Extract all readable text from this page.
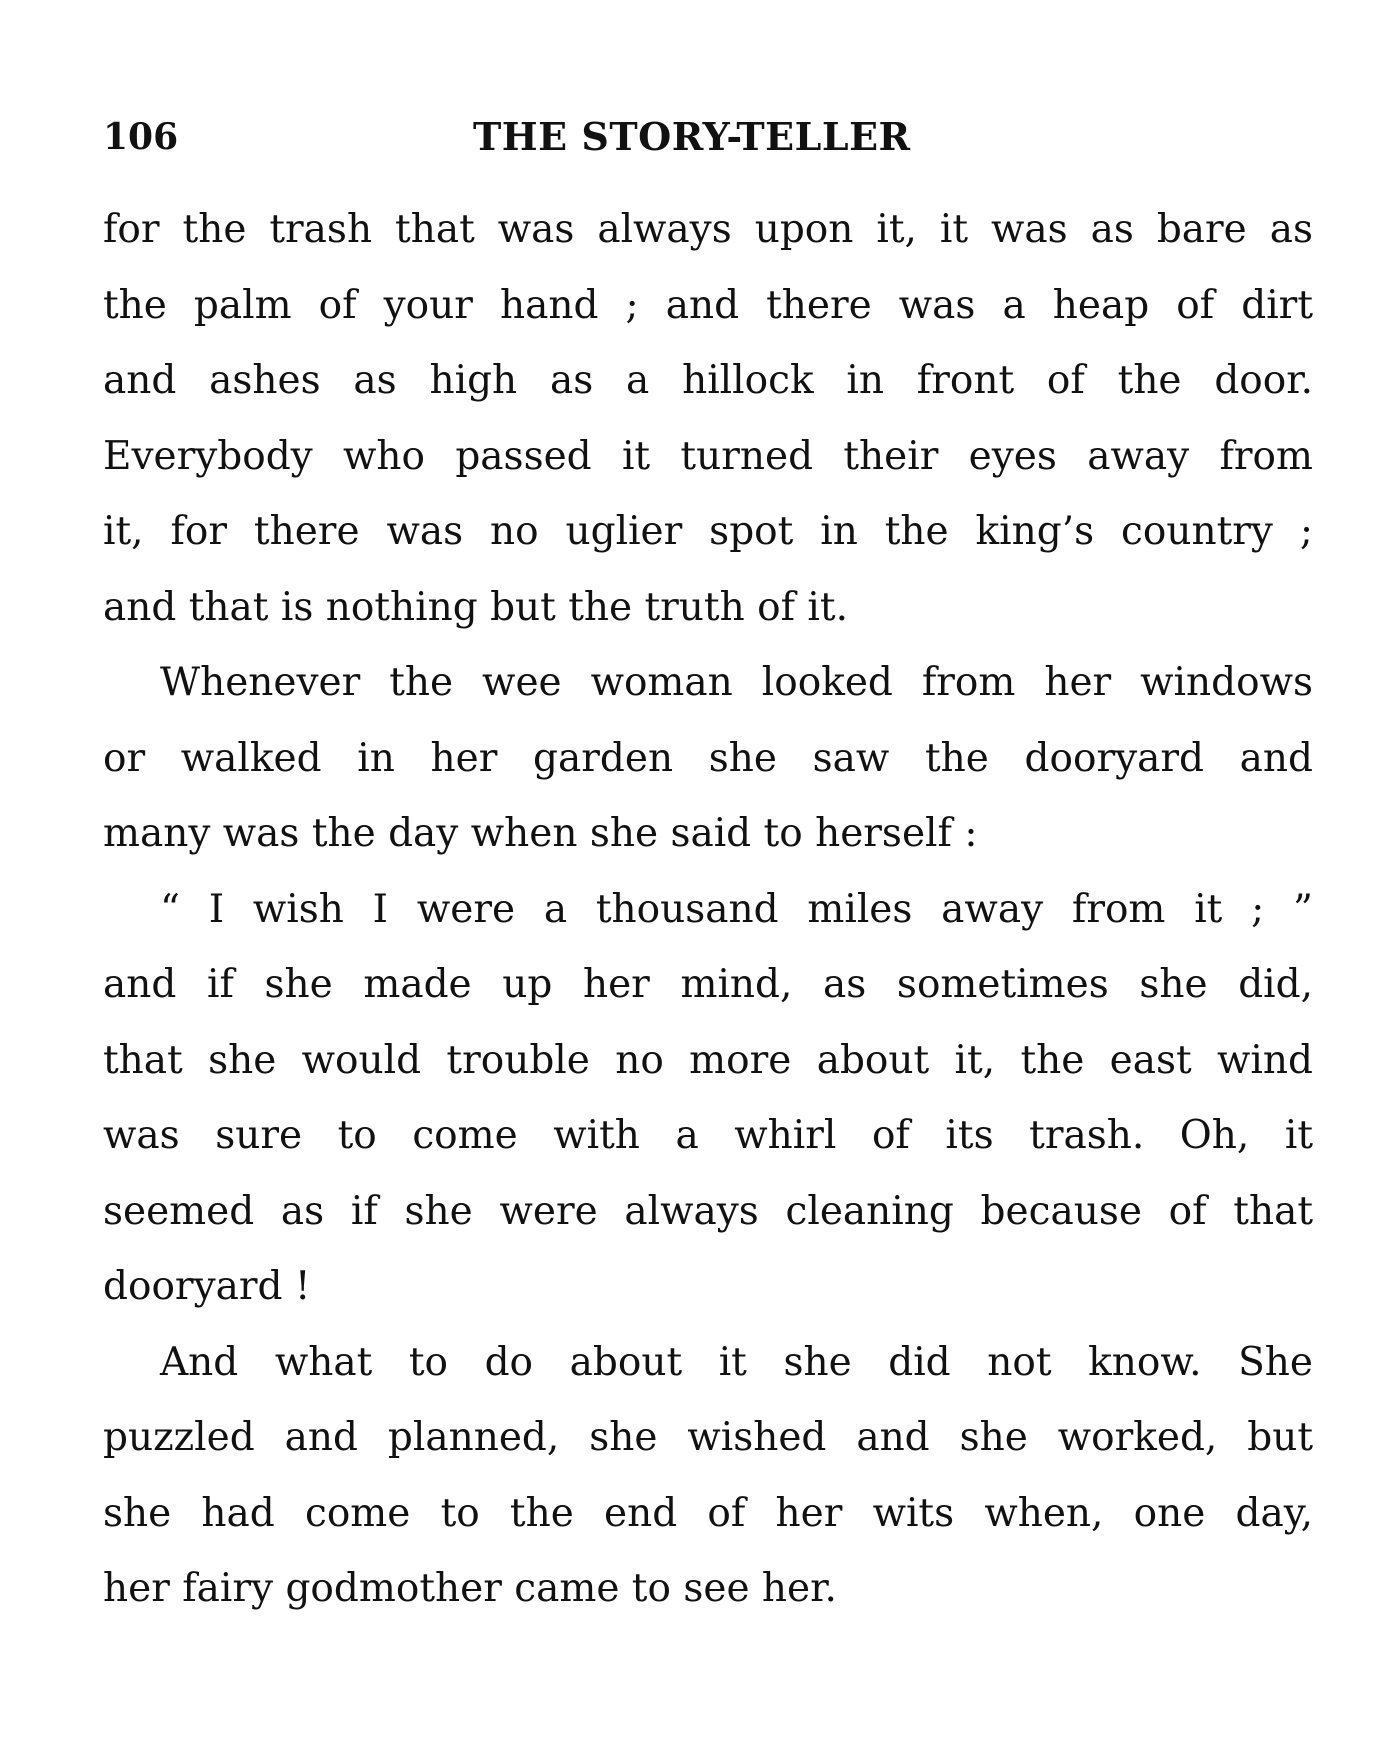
106	THE STORY-TELLER
for the trash that was always upon it, it was as bare as
the palm of your hand ; and there was a heap of dirt
and ashes as high as a hillock in front of the door.
Everybody who passed it turned their eyes away from
it, for there was no uglier spot in the king’s country ;
and that is nothing but the truth of it.
Whenever the wee woman looked from her windows
or walked in her garden she saw the dooryard and
many was the day when she said to herself :
“ I wish I were a thousand miles away from it ; ”
and if she made up her mind, as sometimes she did,
that she would trouble no more about it, the east wind
was sure to come with a whirl of its trash. Oh, it
seemed as if she were always cleaning because of that
dooryard !
And what to do about it she did not know. She
puzzled and planned, she wished and she worked, but
she had come to the end of her wits when, one day,
her fairy godmother came to see her.
